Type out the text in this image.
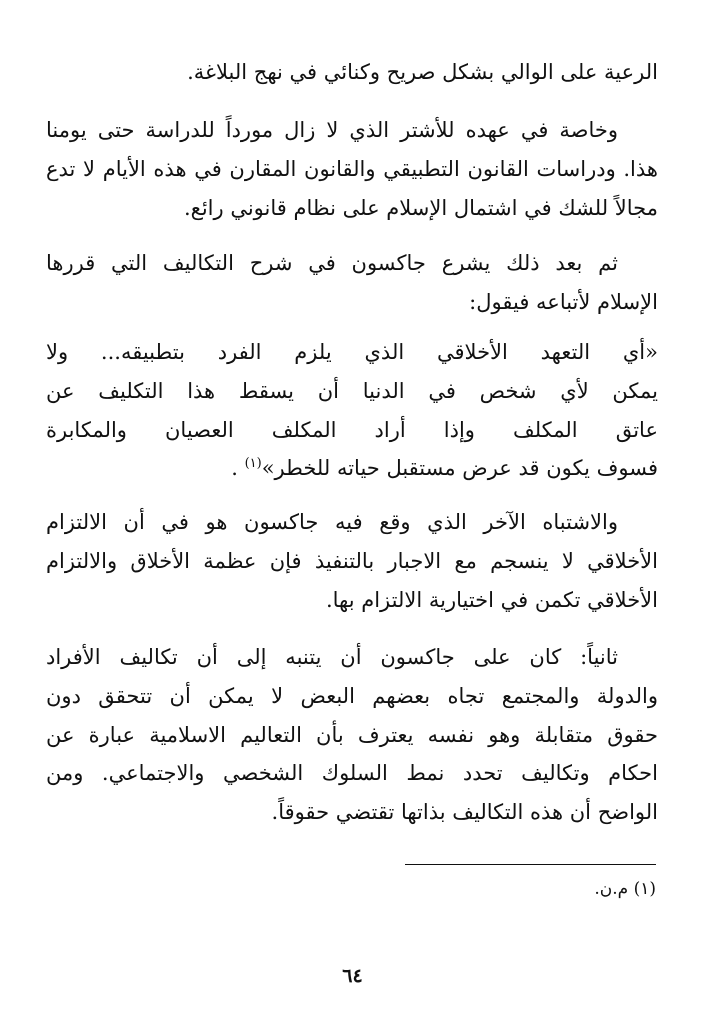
الرعية على الوالي بشكل صريح وكنائي في نهج البلاغة.
وخاصة في عهده للأشتر الذي لا زال مورداً للدراسة حتى يومنا
هذا. ودراسات القانون التطبيقي والقانون المقارن في هذه الأيام لا تدع
مجالاً للشك في اشتمال الإسلام على نظام قانوني رائع.
ثم بعد ذلك يشرع جاكسون في شرح التكاليف التي قررها
الإسلام لأتباعه فيقول:
«أي التعهد الأخلاقي الذي يلزم الفرد بتطبيقه... ولا
يمكن لأي شخص في الدنيا أن يسقط هذا التكليف عن
عاتق المكلف وإذا أراد المكلف العصيان والمكابرة
فسوف يكون قد عرض مستقبل حياته للخطر»$^{(١)}$ .
والاشتباه الآخر الذي وقع فيه جاكسون هو في أن الالتزام
الأخلاقي لا ينسجم مع الاجبار بالتنفيذ فإن عظمة الأخلاق والالتزام
الأخلاقي تكمن في اختيارية الالتزام بها.
ثانياً: كان على جاكسون أن يتنبه إلى أن تكاليف الأفراد
والدولة والمجتمع تجاه بعضهم البعض لا يمكن أن تتحقق دون
حقوق متقابلة وهو نفسه يعترف بأن التعاليم الاسلامية عبارة عن
احكام وتكاليف تحدد نمط السلوك الشخصي والاجتماعي. ومن
الواضح أن هذه التكاليف بذاتها تقتضي حقوقاً.
(١) م.ن.
٦٤
